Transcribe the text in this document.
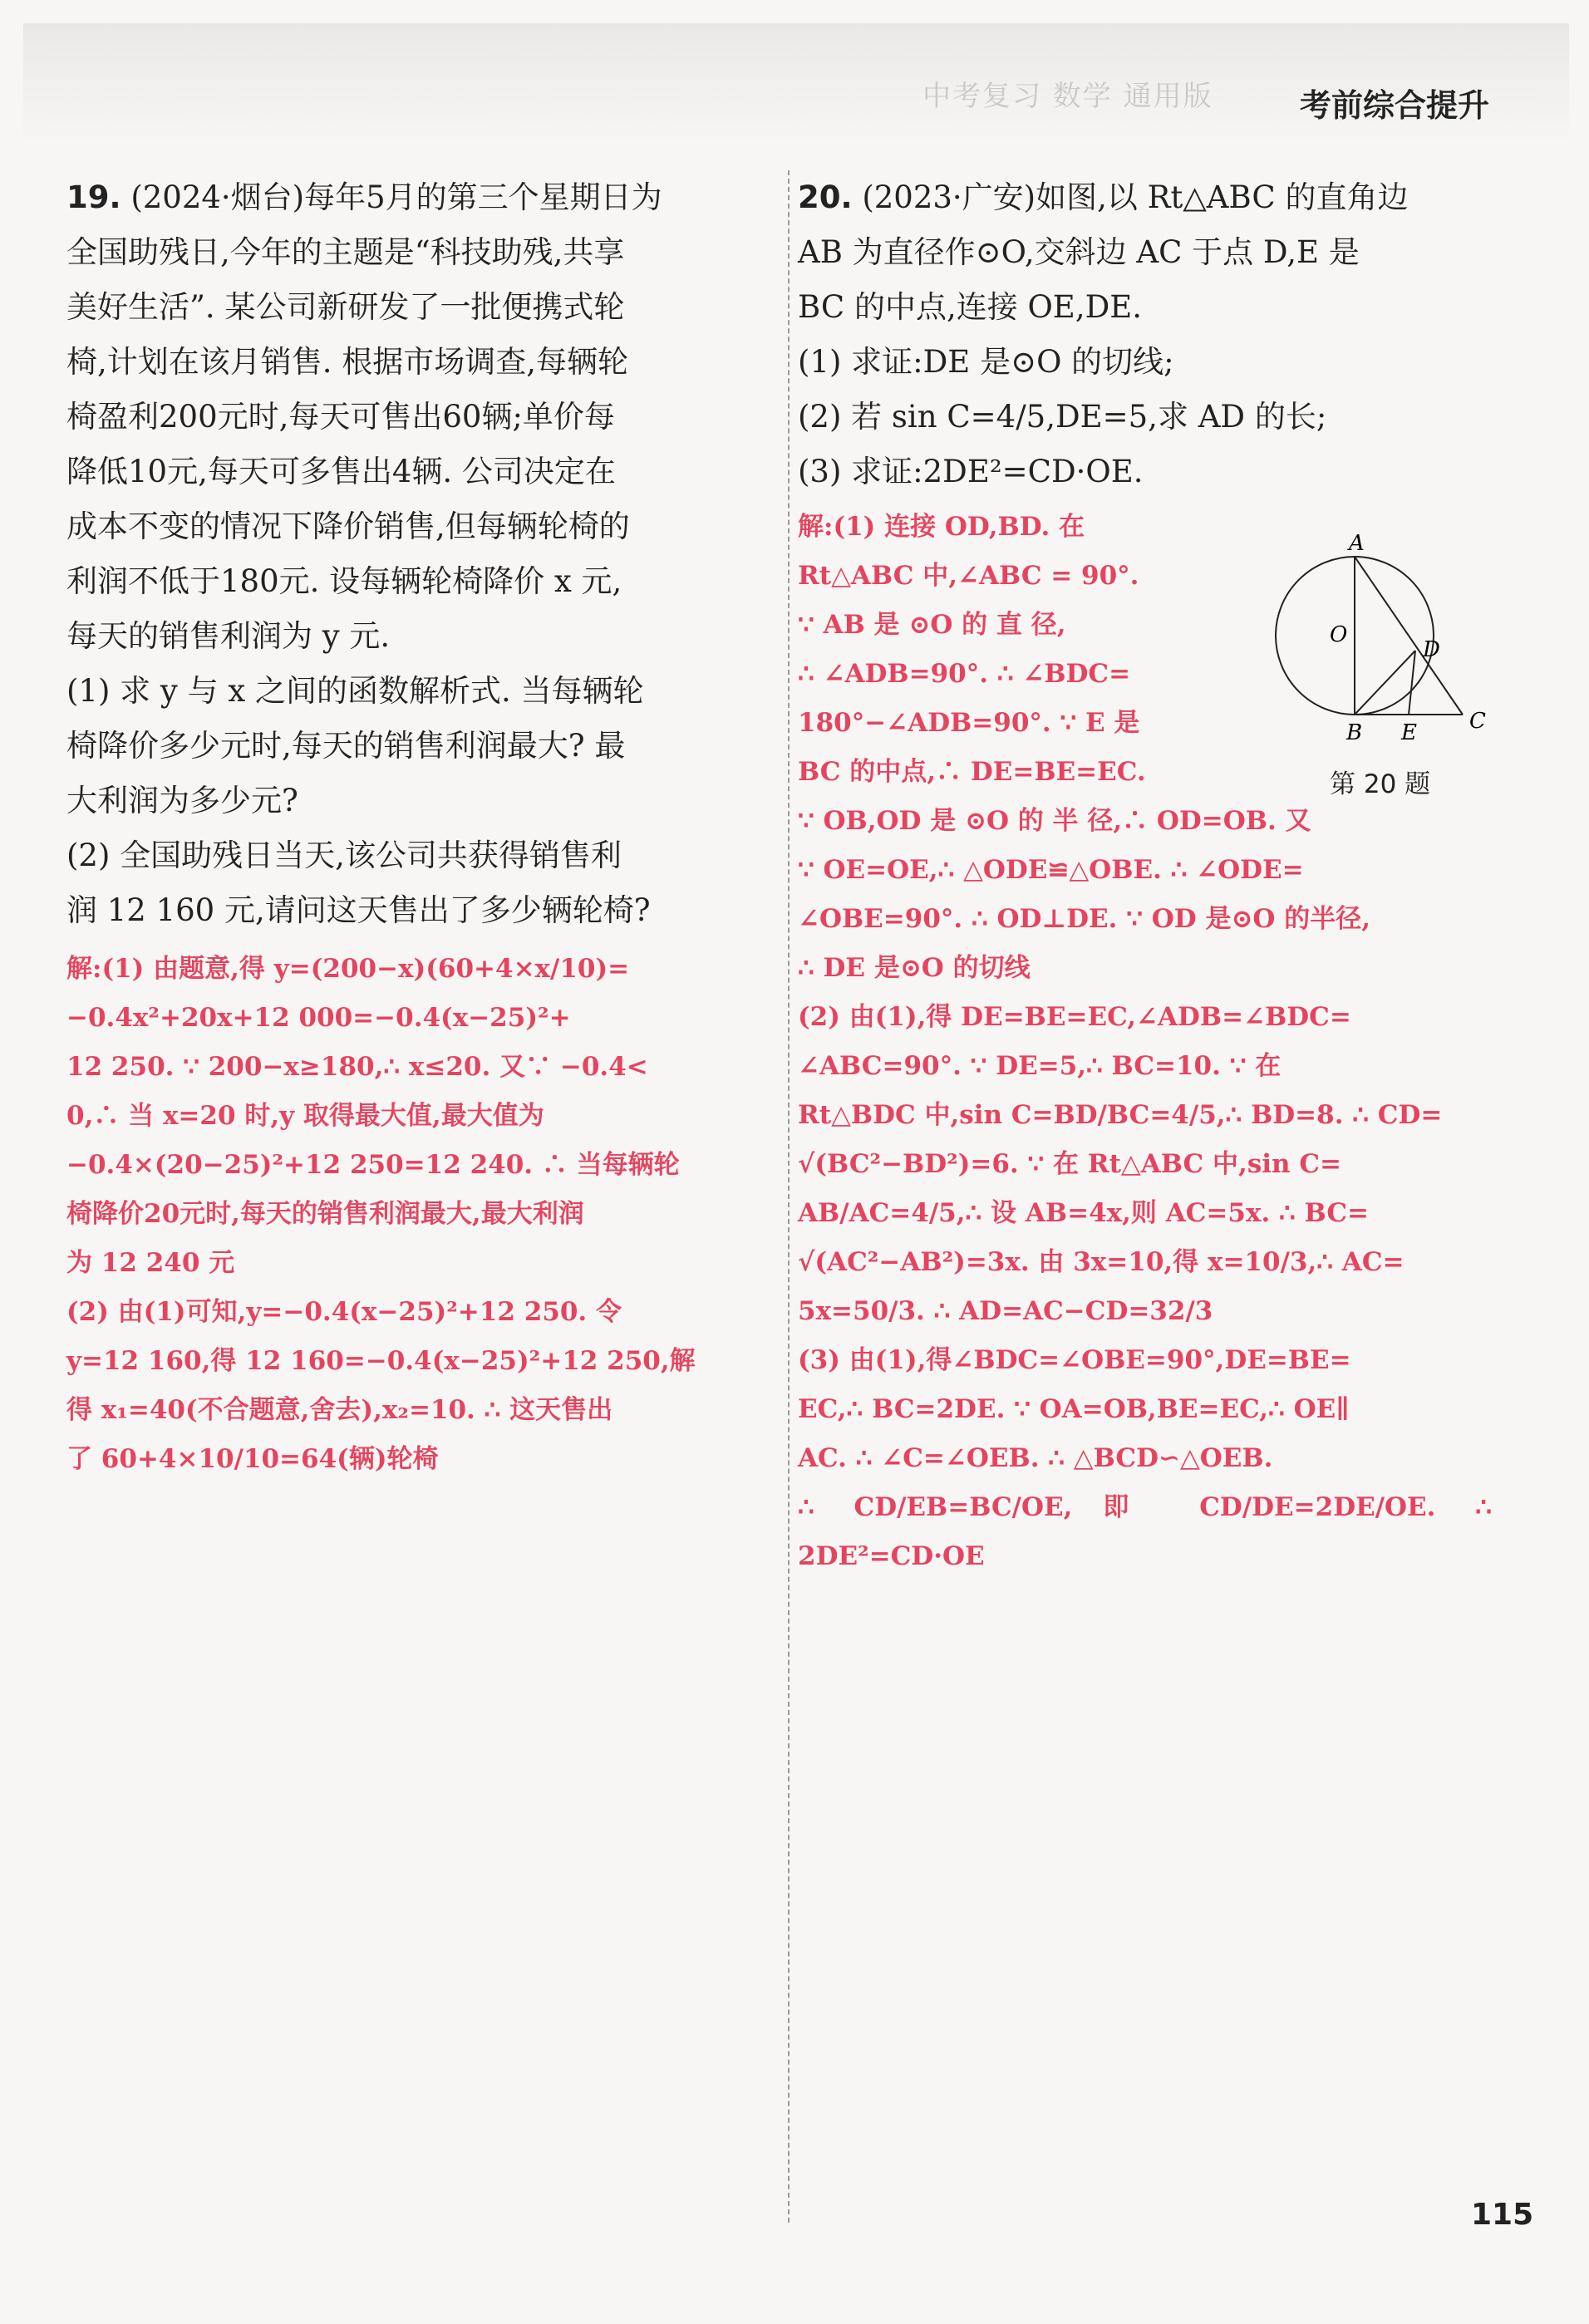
中考复习 数学 通用版	考前综合提升
19. (2024·烟台)每年5月的第三个星期日为
全国助残日,今年的主题是“科技助残,共享
美好生活”. 某公司新研发了一批便携式轮
椅,计划在该月销售. 根据市场调查,每辆轮
椅盈利200元时,每天可售出60辆;单价每
降低10元,每天可多售出4辆. 公司决定在
成本不变的情况下降价销售,但每辆轮椅的
利润不低于180元. 设每辆轮椅降价 x 元,
每天的销售利润为 y 元.
(1) 求 y 与 x 之间的函数解析式. 当每辆轮
椅降价多少元时,每天的销售利润最大? 最
大利润为多少元?
(2) 全国助残日当天,该公司共获得销售利
润 12 160 元,请问这天售出了多少辆轮椅?
解:(1) 由题意,得 y=(200−x)(60+4×x/10)=
−0.4x²+20x+12 000=−0.4(x−25)²+
12 250. ∵ 200−x≥180,∴ x≤20. 又∵ −0.4<
0,∴ 当 x=20 时,y 取得最大值,最大值为
−0.4×(20−25)²+12 250=12 240. ∴ 当每辆轮
椅降价20元时,每天的销售利润最大,最大利润
为 12 240 元
(2) 由(1)可知,y=−0.4(x−25)²+12 250. 令
y=12 160,得 12 160=−0.4(x−25)²+12 250,解
得 x₁=40(不合题意,舍去),x₂=10. ∴ 这天售出
了 60+4×10/10=64(辆)轮椅
20. (2023·广安)如图,以 Rt△ABC 的直角边
AB 为直径作⊙O,交斜边 AC 于点 D,E 是
BC 的中点,连接 OE,DE.
(1) 求证:DE 是⊙O 的切线;
(2) 若 sin C=4/5,DE=5,求 AD 的长;
(3) 求证:2DE²=CD·OE.
解:(1) 连接 OD,BD. 在
Rt△ABC 中,∠ABC = 90°.
∵ AB 是 ⊙O 的 直 径,
∴ ∠ADB=90°. ∴ ∠BDC=
180°−∠ADB=90°. ∵ E 是
BC 的中点,∴ DE=BE=EC.
∵ OB,OD 是 ⊙O 的 半 径,∴ OD=OB. 又
∵ OE=OE,∴ △ODE≌△OBE. ∴ ∠ODE=
∠OBE=90°. ∴ OD⊥DE. ∵ OD 是⊙O 的半径,
∴ DE 是⊙O 的切线
(2) 由(1),得 DE=BE=EC,∠ADB=∠BDC=
∠ABC=90°. ∵ DE=5,∴ BC=10. ∵ 在
Rt△BDC 中,sin C=BD/BC=4/5,∴ BD=8. ∴ CD=
√(BC²−BD²)=6. ∵ 在 Rt△ABC 中,sin C=
AB/AC=4/5,∴ 设 AB=4x,则 AC=5x. ∴ BC=
√(AC²−AB²)=3x. 由 3x=10,得 x=10/3,∴ AC=
5x=50/3. ∴ AD=AC−CD=32/3
(3) 由(1),得∠BDC=∠OBE=90°,DE=BE=
EC,∴ BC=2DE. ∵ OA=OB,BE=EC,∴ OE∥
AC. ∴ ∠C=∠OEB. ∴ △BCD∽△OEB.
∴ CD/EB=BC/OE,即 CD/DE=2DE/OE. ∴ 2DE²=CD·OE
A
O
D
B E C
第 20 题
115
